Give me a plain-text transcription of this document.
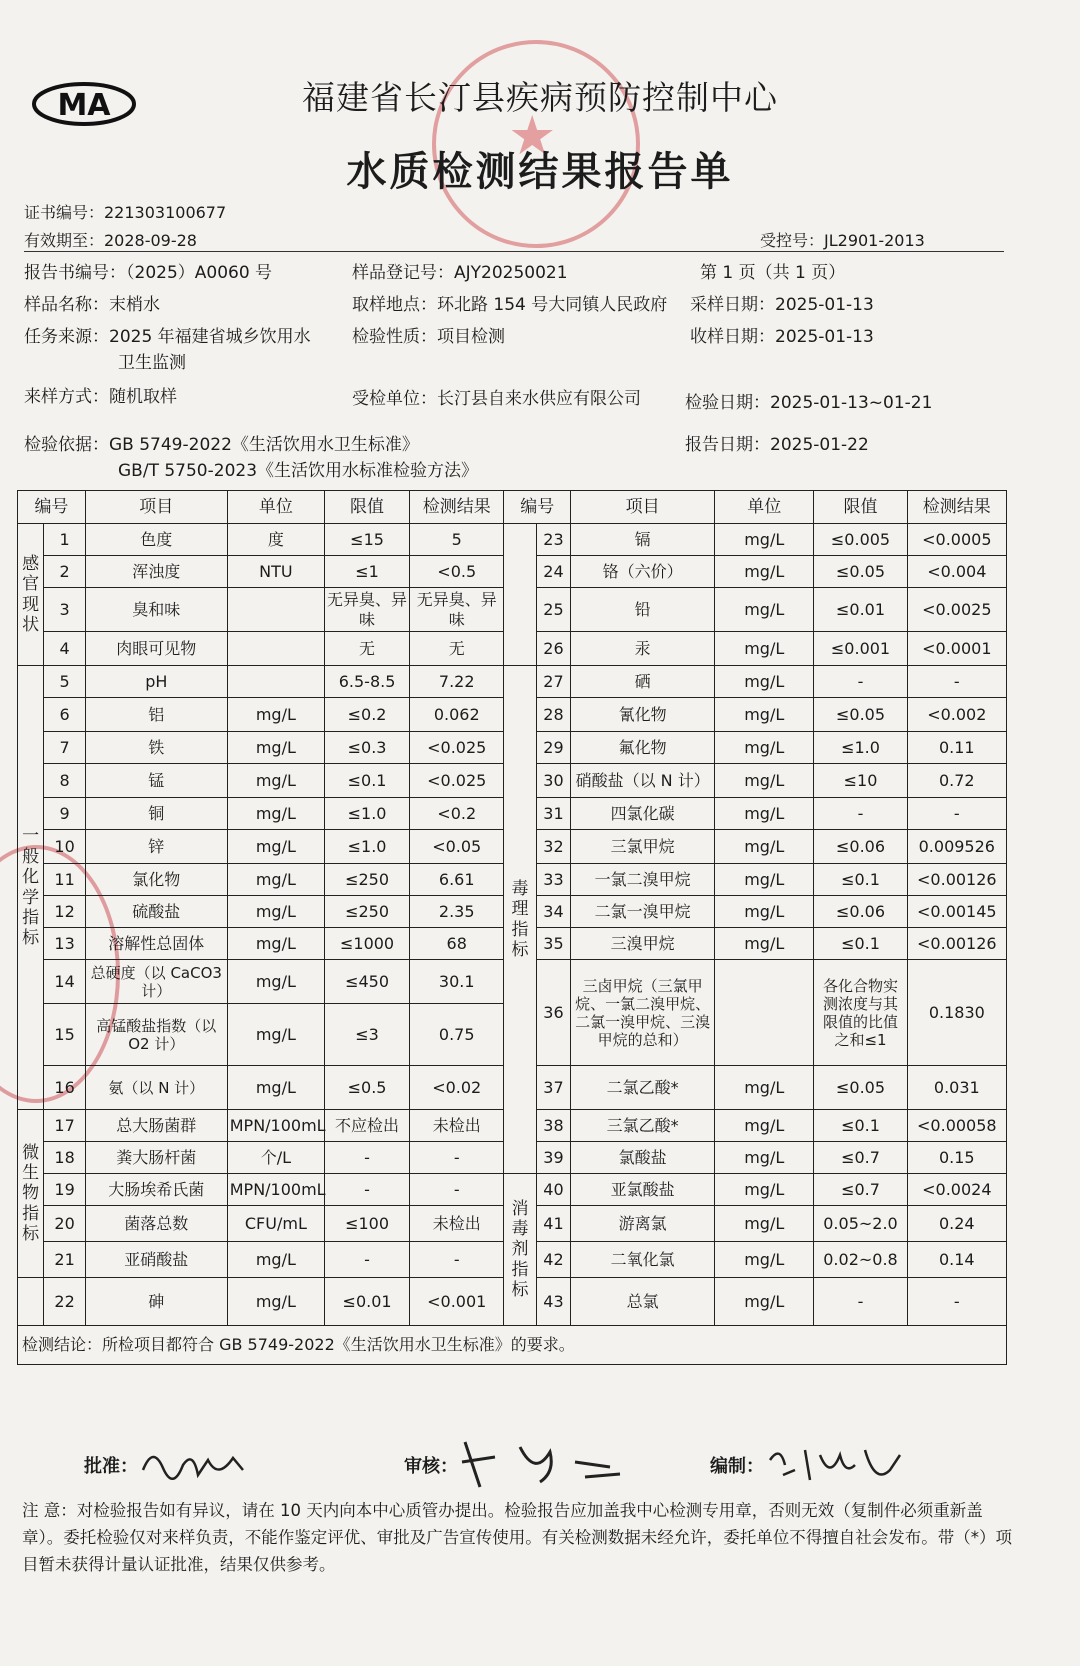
MA	★
福建省长汀县疾病预防控制中心
水质检测结果报告单
证书编号：221303100677
有效期至：2028-09-28	受控号：JL2901-2013
报告书编号：（2025）A0060 号	样品登记号：AJY20250021	第 1 页（共 1 页）
样品名称：末梢水	取样地点：环北路 154 号大同镇人民政府 采样日期：2025-01-13
任务来源：2025 年福建省城乡饮用水
卫生监测
检验性质：项目检测	收样日期：2025-01-13
来样方式：随机取样	受检单位：长汀县自来水供应有限公司	检验日期：2025-01-13~01-21
检验依据：GB 5749-2022《生活饮用水卫生标准》
GB/T 5750-2023《生活饮用水标准检验方法》
报告日期：2025-01-22
编号		项目	单位	限值	检测结果	编号		项目	单位	限值	检测结果
感官现状	1	色度	度	≤15	5		23	镉	mg/L	≤0.005	<0.0005
	2	浑浊度	NTU	≤1	<0.5		24	铬（六价）	mg/L	≤0.05	<0.004
	3	臭和味		无异臭、异味	无异臭、异味		25	铅	mg/L	≤0.01	<0.0025
	4	肉眼可见物		无	无		26	汞	mg/L	≤0.001	<0.0001
一般化学指标	5	pH		6.5-8.5	7.22	毒理指标	27	硒	mg/L	-	-
	6	铝	mg/L	≤0.2	0.062		28	氰化物	mg/L	≤0.05	<0.002
	7	铁	mg/L	≤0.3	<0.025		29	氟化物	mg/L	≤1.0	0.11
	8	锰	mg/L	≤0.1	<0.025		30	硝酸盐（以 N 计）	mg/L	≤10	0.72
	9	铜	mg/L	≤1.0	<0.2		31	四氯化碳	mg/L	-	-
	10	锌	mg/L	≤1.0	<0.05		32	三氯甲烷	mg/L	≤0.06	0.009526
	11	氯化物	mg/L	≤250	6.61		33	一氯二溴甲烷	mg/L	≤0.1	<0.00126
	12	硫酸盐	mg/L	≤250	2.35		34	二氯一溴甲烷	mg/L	≤0.06	<0.00145
	13	溶解性总固体	mg/L	≤1000	68		35	三溴甲烷	mg/L	≤0.1	<0.00126
	14	总硬度（以 CaCO3 计）	mg/L	≤450	30.1		36	三卤甲烷（三氯甲烷、一氯二溴甲烷、二氯一溴甲烷、三溴甲烷的总和）		各化合物实测浓度与其限值的比值之和≤1	0.1830
	15	高锰酸盐指数（以 O2 计）	mg/L	≤3	0.75						
	16	氨（以 N 计）	mg/L	≤0.5	<0.02		37	二氯乙酸*	mg/L	≤0.05	0.031
微生物指标	17	总大肠菌群	MPN/100mL	不应检出	未检出		38	三氯乙酸*	mg/L	≤0.1	<0.00058
	18	粪大肠杆菌	个/L	-	-		39	氯酸盐	mg/L	≤0.7	0.15
	19	大肠埃希氏菌	MPN/100mL	-	-	消毒剂指标	40	亚氯酸盐	mg/L	≤0.7	<0.0024
	20	菌落总数	CFU/mL	≤100	未检出		41	游离氯	mg/L	0.05~2.0	0.24
	21	亚硝酸盐	mg/L	-	-		42	二氧化氯	mg/L	0.02~0.8	0.14
	22	砷	mg/L	≤0.01	<0.001		43	总氯	mg/L	-	-
检测结论：所检项目都符合 GB 5749-2022《生活饮用水卫生标准》的要求。											
批准：	审核：	编制：
注 意：对检验报告如有异议，请在 10 天内向本中心质管办提出。检验报告应加盖我中心检测专用章，否则无效（复制件必须重新盖章）。委托检验仅对来样负责，不能作鉴定评优、审批及广告宣传使用。有关检测数据未经允许，委托单位不得擅自社会发布。带（*）项目暂未获得计量认证批准，结果仅供参考。
